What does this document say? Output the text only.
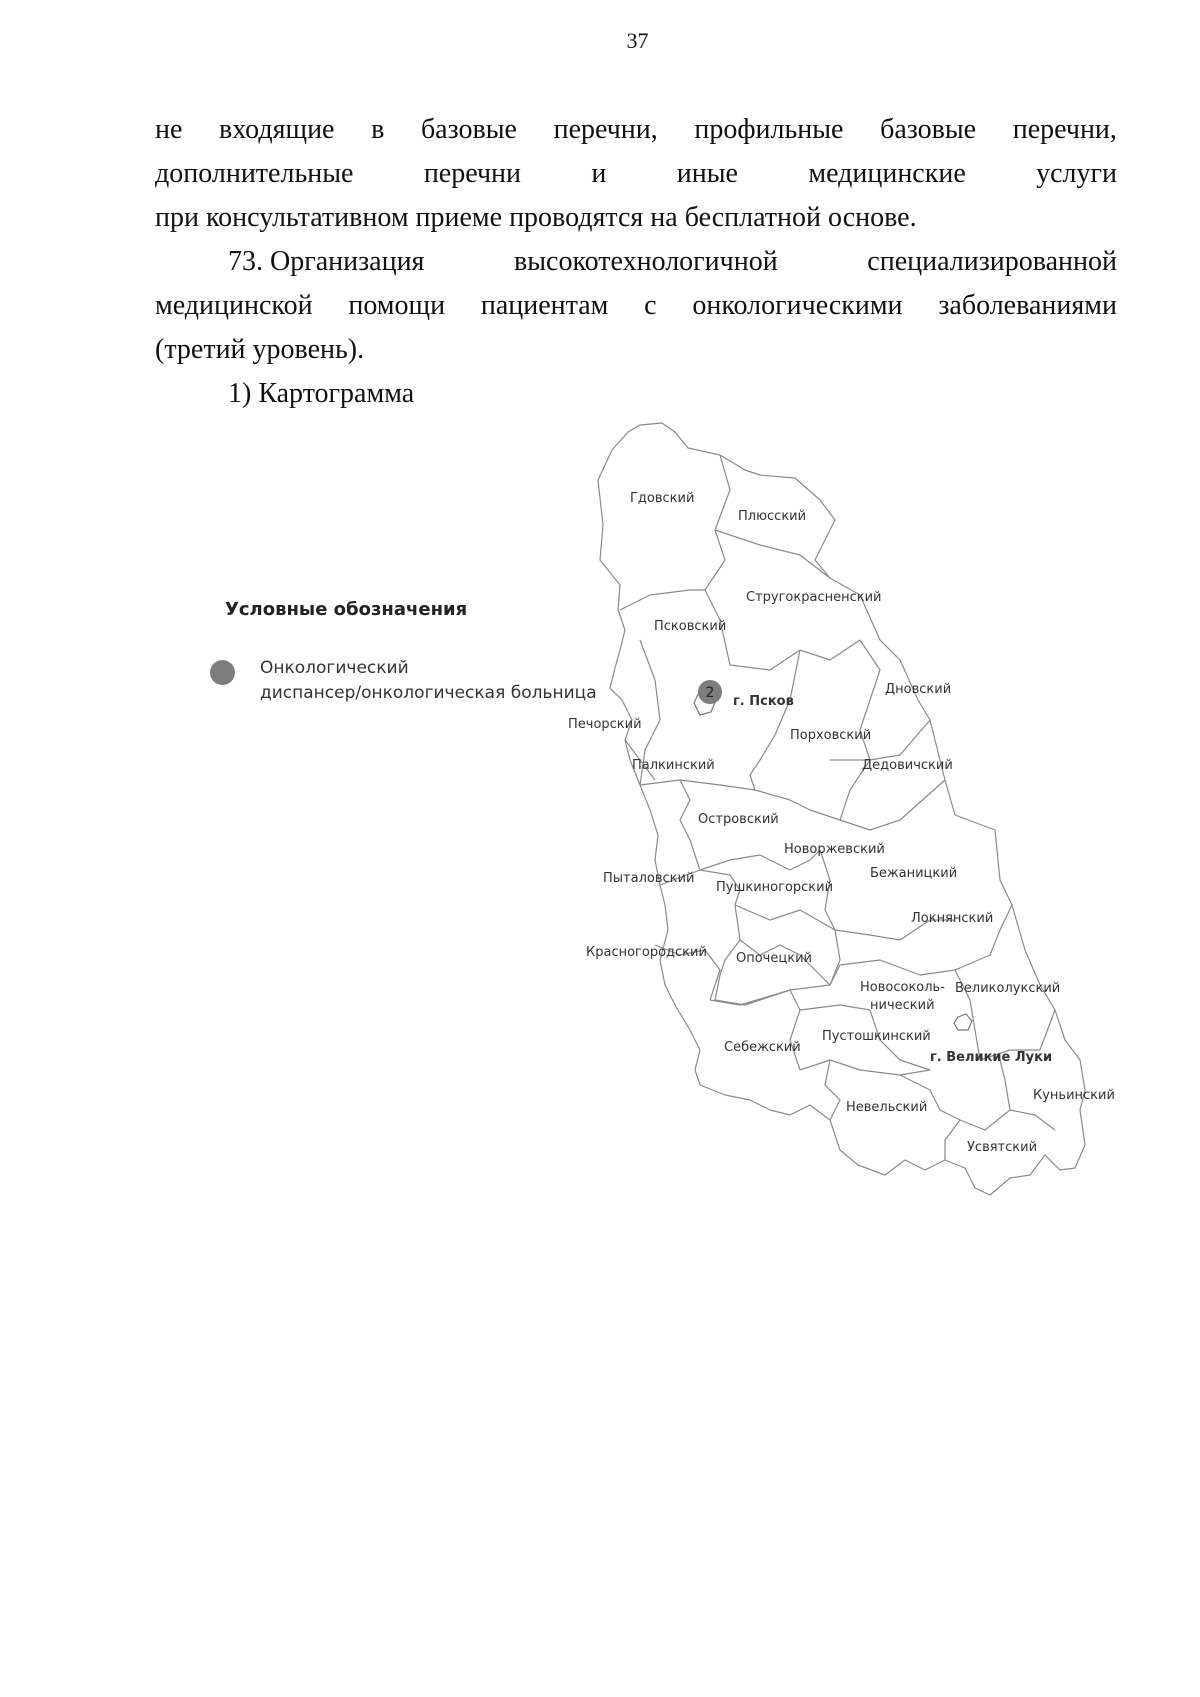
37
не входящие в базовые перечни, профильные базовые перечни,
дополнительные	перечни	и	иные	медицинские	услуги
при консультативном приеме проводятся на бесплатной основе.
73. Организация	высокотехнологичной	специализированной
медицинской помощи пациентам с онкологическими заболеваниями
(третий уровень).
1) Картограмма
Условные обозначения
Онкологический
диспансер/онкологическая больница	2
г. Псков
г. Великие Луки
Гдовский
Плюсский
Стругокрасненский
Псковский
Дновский
Печорский
Порховский
Палкинский	Дедовичский
Островский
Новоржевский
Бежаницкий
Пыталовский
Пушкиногорский
Локнянский
Красногородский Опочецкий
Новосоколь-
нический
Великолукский
Себежский
Пустошкинский
Куньинский
Невельский
Усвятский
